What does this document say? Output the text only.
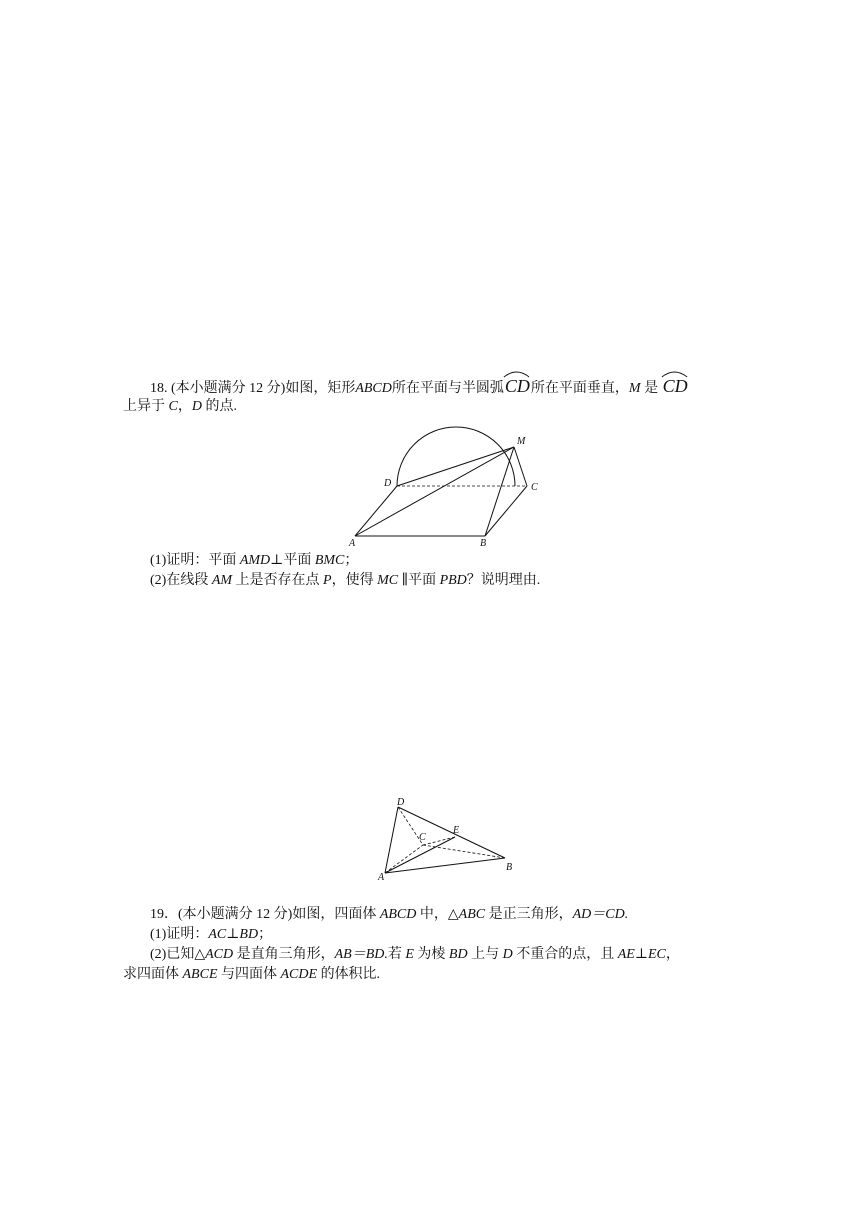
18. (本小题满分 12 分)如图，矩形ABCD所在平面与半圆弧
CD所在平面垂直，M 是 CD
上异于 C，D 的点.
M
D	C
A	B
(1)证明：平面 AMD⊥平面 BMC；
(2)在线段 AM 上是否存在点 P，使得 MC ∥平面 PBD？说明理由.
D
C
E
B
A
19．(本小题满分 12 分)如图，四面体 ABCD 中，△ABC 是正三角形，AD＝CD.
(1)证明：AC⊥BD；
(2)已知△ACD 是直角三角形，AB＝BD.若 E 为棱 BD 上与 D 不重合的点，且 AE⊥EC，
求四面体 ABCE 与四面体 ACDE 的体积比.
